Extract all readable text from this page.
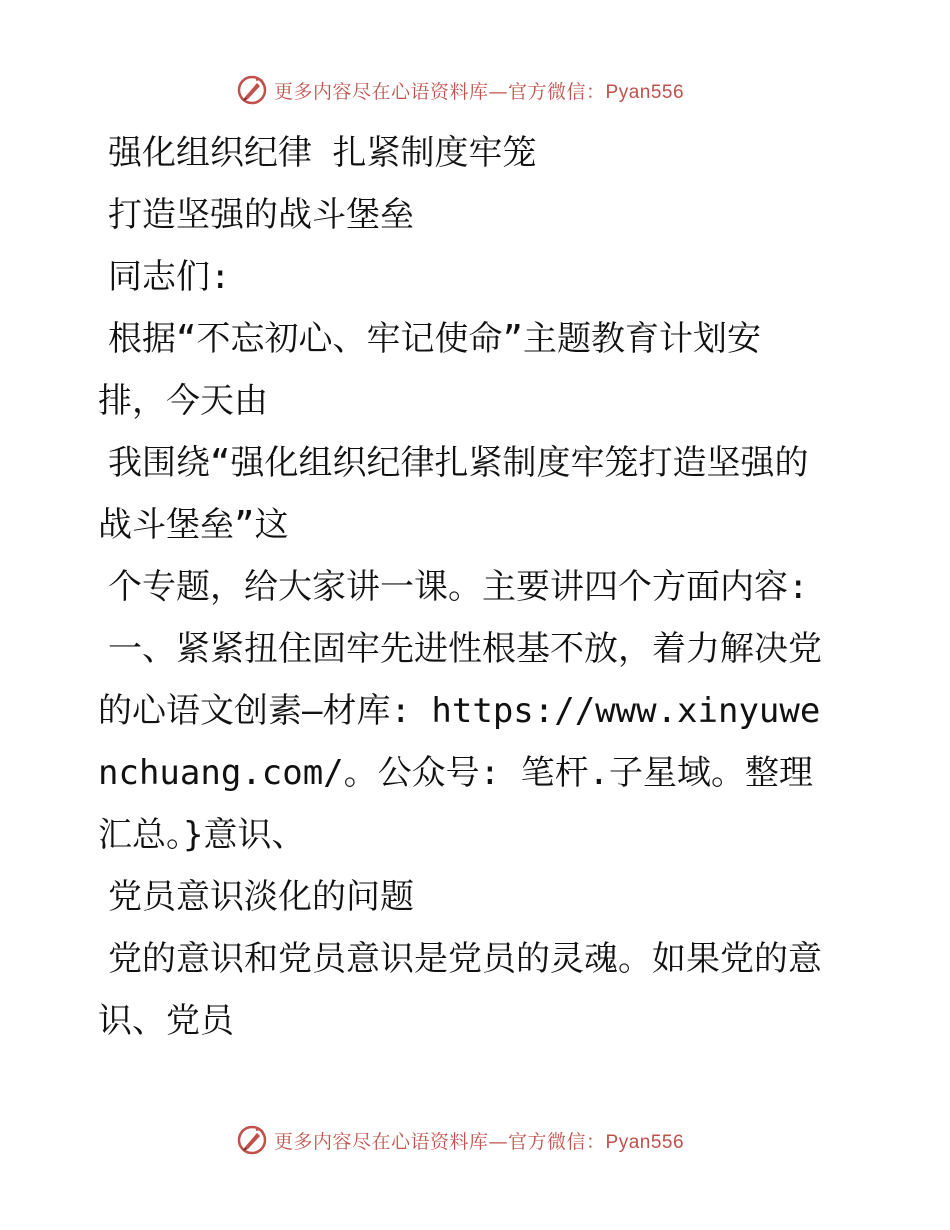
更多内容尽在心语资料库—官方微信：Pyan556

强化组织纪律 扎紧制度牢笼

打造坚强的战斗堡垒

同志们:

根据“不忘初心、牢记使命”主题教育计划安
排，今天由

我围绕“强化组织纪律扎紧制度牢笼打造坚强的
战斗堡垒”这

个专题，给大家讲一课。主要讲四个方面内容:

一、紧紧扭住固牢先进性根基不放，着力解决党
的心语文创素—材库: https://www.xinyuwenchuang.com/。公众号: 笔杆.子星域。整理汇总。}意识、

党员意识淡化的问题

党的意识和党员意识是党员的灵魂。如果党的意
识、党员

更多内容尽在心语资料库—官方微信：Pyan556
